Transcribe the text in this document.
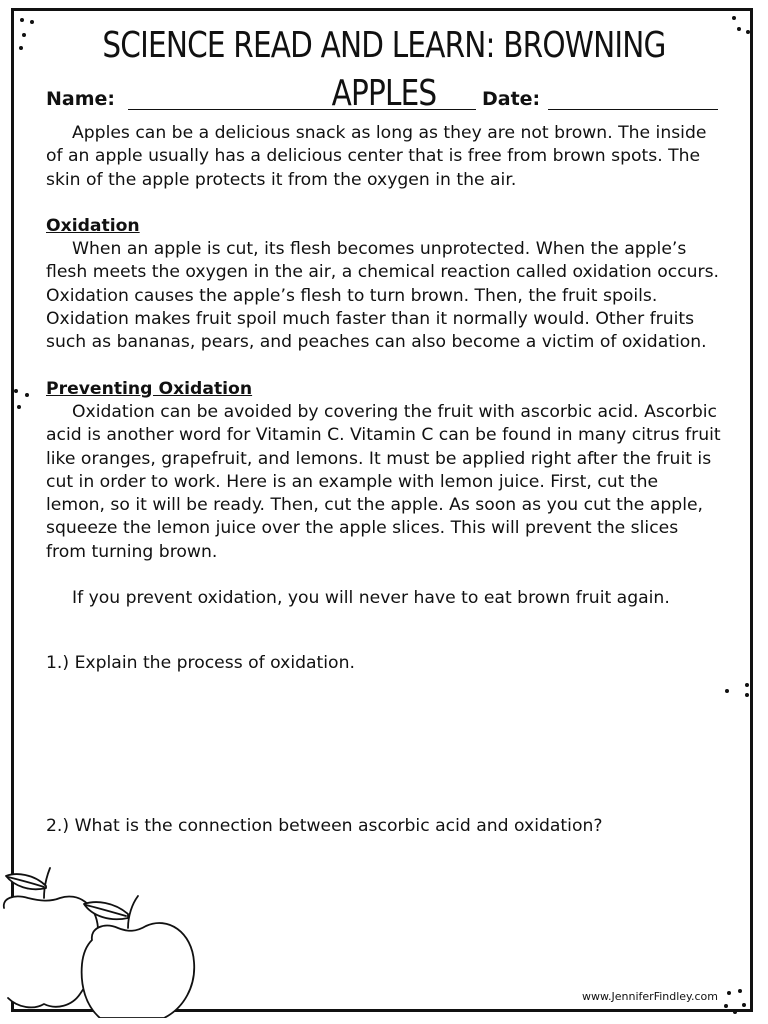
SCIENCE READ AND LEARN: BROWNING APPLES
Name:	Date:

Apples can be a delicious snack as long as they are not brown. The inside of an apple usually has a delicious center that is free from brown spots. The skin of the apple protects it from the oxygen in the air.

Oxidation

When an apple is cut, its flesh becomes unprotected. When the apple’s flesh meets the oxygen in the air, a chemical reaction called oxidation occurs. Oxidation causes the apple’s flesh to turn brown. Then, the fruit spoils. Oxidation makes fruit spoil much faster than it normally would. Other fruits such as bananas, pears, and peaches can also become a victim of oxidation.

Preventing Oxidation

Oxidation can be avoided by covering the fruit with ascorbic acid. Ascorbic acid is another word for Vitamin C. Vitamin C can be found in many citrus fruit like oranges, grapefruit, and lemons. It must be applied right after the fruit is cut in order to work. Here is an example with lemon juice. First, cut the lemon, so it will be ready. Then, cut the apple. As soon as you cut the apple, squeeze the lemon juice over the apple slices. This will prevent the slices from turning brown.

If you prevent oxidation, you will never have to eat brown fruit again.

1.) Explain the process of oxidation.
2.) What is the connection between ascorbic acid and oxidation?
www.JenniferFindley.com
